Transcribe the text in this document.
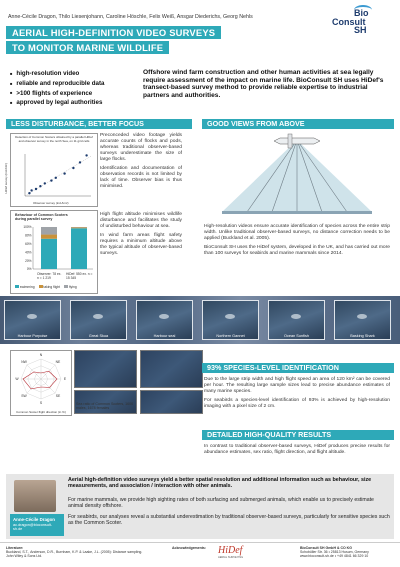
Anne-Cécile Dragon, Thilo Liesenjohann, Caroline Höschle, Felix Weiß, Ansgar Diederichs, Georg Nehls	Bio
Consult
SH
AERIAL HIGH-DEFINITION VIDEO SURVEYS
TO MONITOR MARINE WILDLIFE
■ high-resolution video
■ reliable and reproducible data
■ >100 flights of experience
■ approved by legal authorities
Offshore wind farm construction and other human activities at sea legally require assessment of the impact on marine life. BioConsult SH uses HiDef's transect-based survey method to provide reliable expertise to industrial partners and authorities.
LESS DISTURBANCE, BETTER FOCUS
Detection of Common Scoters obtained by a parallel HiDef and observer survey in the north Sea, on 11 grid cells
Observer survey (ind./km²)
HiDef survey (ind./km²)
Behaviour of Common Scoters during parallel survey
100%
80%
60%
40%
20%
0%
Observer: 78 ex. n = 1 219
HiDef: 550 ex. n = 15 345
swimming	taking flight	flying

Preconceded video footage yields accurate counts of flocks and pods, whereas traditional observer-based surveys underestimate the size of large flocks.

Identification and documentation of observation records is not limited by lack of time. Observer bias is thus minimised.

High flight altitude minimises wildlife disturbance and facilitates the study of undisturbed behaviour at sea.

In wind farm areas flight safety requires a minimum altitude above the typical altitude of observer-based surveys.

GOOD VIEWS FROM ABOVE

High-resolution videos ensure accurate identification of species across the entire strip width. Unlike traditional observer-based surveys, no distance correction needs to be applied (Buckland et al. 2005).

BioConsult SH uses the HiDef system, developed in the UK, and has carried out more than 100 surveys for seabirds and marine mammals since 2014.

Harbour Porpoise	Great Skua	Harbour seal	Northern Gannet	Ocean Sunfish	Basking Shark
N
NE
E
SE
S
SW
W
NW
Common Scoter flight direction (in %)
Sea ratio of Common Scoters, 1600 males, 1678 females
93% SPECIES-LEVEL IDENTIFICATION

Due to the large strip width and high flight speed an area of 120 km² can be covered per hour. The resulting large sample sizes lead to precise abundance estimates of many marine species.

For seabirds a species-level identification of 93% is achieved by high-resolution imaging with a pixel size of 2 cm.

DETAILED HIGH-QUALITY RESULTS

In contrast to traditional observer-based surveys, HiDef produces precise results for abundance estimates, sex ratio, flight direction, and flight altitude.

Anne-Cécile Dragon
ac.dragon@bioconsult-sh.de
Aerial high-definition video surveys yield a better spatial resolution and additional information such as behaviour, size measurements, and association / interaction with other animals.
For marine mammals, we provide high sighting rates of both surfacing and submerged animals, which enable us to precisely estimate animal density offshore.
For seabirds, our analyses reveal a substantial underestimation by traditional observer-based surveys, particularly for sensitive species such as the Common Scoter.
Literature:
Buckland, S.T., Anderson, D.R., Burnham, K.P. & Laake, J.L. (2005): Distance sampling. John Wiley & Sons Ltd.
Acknowledgements: HiDef
AERIAL SURVEYING
BioConsult SH GmbH & CO KG
Schobüller Str. 36 • 25813 Husum, Germany
www.bioconsult-sh.de • +49 4841 66 329 10
